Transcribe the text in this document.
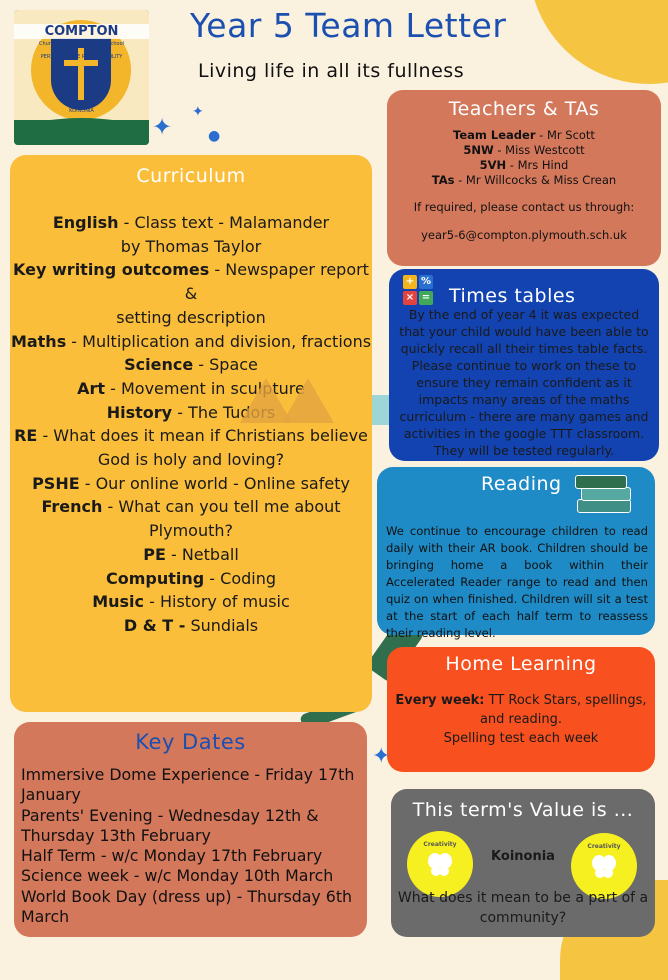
COMPTON
Church of England Primary School
PERSEVERANCE RESPONSIBILITY
KOINONIA
Year 5 Team Letter
Living life in all its fullness
✦
✦
●
Curriculum
English - Class text - Malamander
by Thomas Taylor
Key writing outcomes - Newspaper report &
setting description
Maths - Multiplication and division, fractions
Science - Space
Art - Movement in sculpture
History - The Tudors
RE - What does it mean if Christians believe
God is holy and loving?
PSHE - Our online world - Online safety
French - What can you tell me about
Plymouth?
PE - Netball
Computing - Coding
Music - History of music
D & T - Sundials
Teachers & TAs
Team Leader - Mr Scott
5NW - Miss Westcott
5VH - Mrs Hind
TAs - Mr Willcocks & Miss Crean
If required, please contact us through:
year5-6@compton.plymouth.sch.uk
+ %
× = Times tables
By the end of year 4 it was expected that your child would have been able to quickly recall all their times table facts. Please continue to work on these to ensure they remain confident as it impacts many areas of the maths curriculum - there are many games and activities in the google TTT classroom. They will be tested regularly.
Reading
We continue to encourage children to read daily with their AR book. Children should be bringing home a book within their Accelerated Reader range to read and then quiz on when finished. Children will sit a test at the start of each half term to reassess their reading level.
Home Learning
Every week: TT Rock Stars, spellings, and reading.
Spelling test each week
Key Dates
Immersive Dome Experience - Friday 17th January
Parents' Evening - Wednesday 12th & Thursday 13th February
Half Term - w/c Monday 17th February
Science week - w/c Monday 10th March
World Book Day (dress up) - Thursday 6th March
✦
This term's Value is ...
Creativity	Creativity
Koinonia
What does it mean to be a part of a community?
